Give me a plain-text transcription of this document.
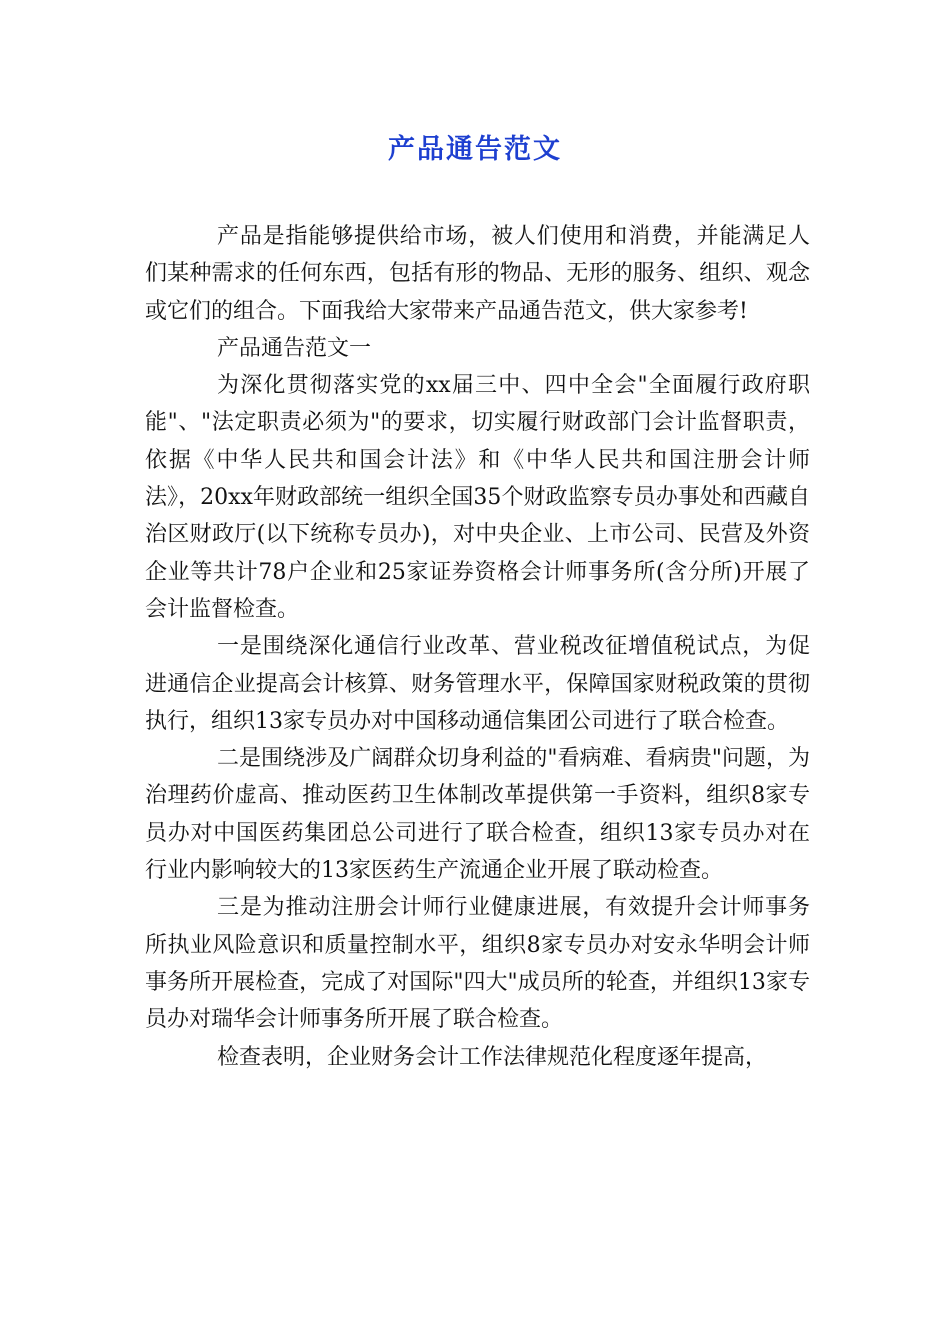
产品通告范文

产品是指能够提供给市场，被人们使用和消费，并能满足人们某种需求的任何东西，包括有形的物品、无形的服务、组织、观念或它们的组合。下面我给大家带来产品通告范文，供大家参考!

产品通告范文一

为深化贯彻落实党的xx届三中、四中全会"全面履行政府职能"、"法定职责必须为"的要求，切实履行财政部门会计监督职责，依据《中华人民共和国会计法》和《中华人民共和国注册会计师法》，20xx年财政部统一组织全国35个财政监察专员办事处和西藏自治区财政厅(以下统称专员办)，对中央企业、上市公司、民营及外资企业等共计78户企业和25家证券资格会计师事务所(含分所)开展了会计监督检查。

一是围绕深化通信行业改革、营业税改征增值税试点，为促进通信企业提高会计核算、财务管理水平，保障国家财税政策的贯彻执行，组织13家专员办对中国移动通信集团公司进行了联合检查。

二是围绕涉及广阔群众切身利益的"看病难、看病贵"问题，为治理药价虚高、推动医药卫生体制改革提供第一手资料，组织8家专员办对中国医药集团总公司进行了联合检查，组织13家专员办对在行业内影响较大的13家医药生产流通企业开展了联动检查。

三是为推动注册会计师行业健康进展，有效提升会计师事务所执业风险意识和质量控制水平，组织8家专员办对安永华明会计师事务所开展检查，完成了对国际"四大"成员所的轮查，并组织13家专员办对瑞华会计师事务所开展了联合检查。

检查表明，企业财务会计工作法律规范化程度逐年提高，
